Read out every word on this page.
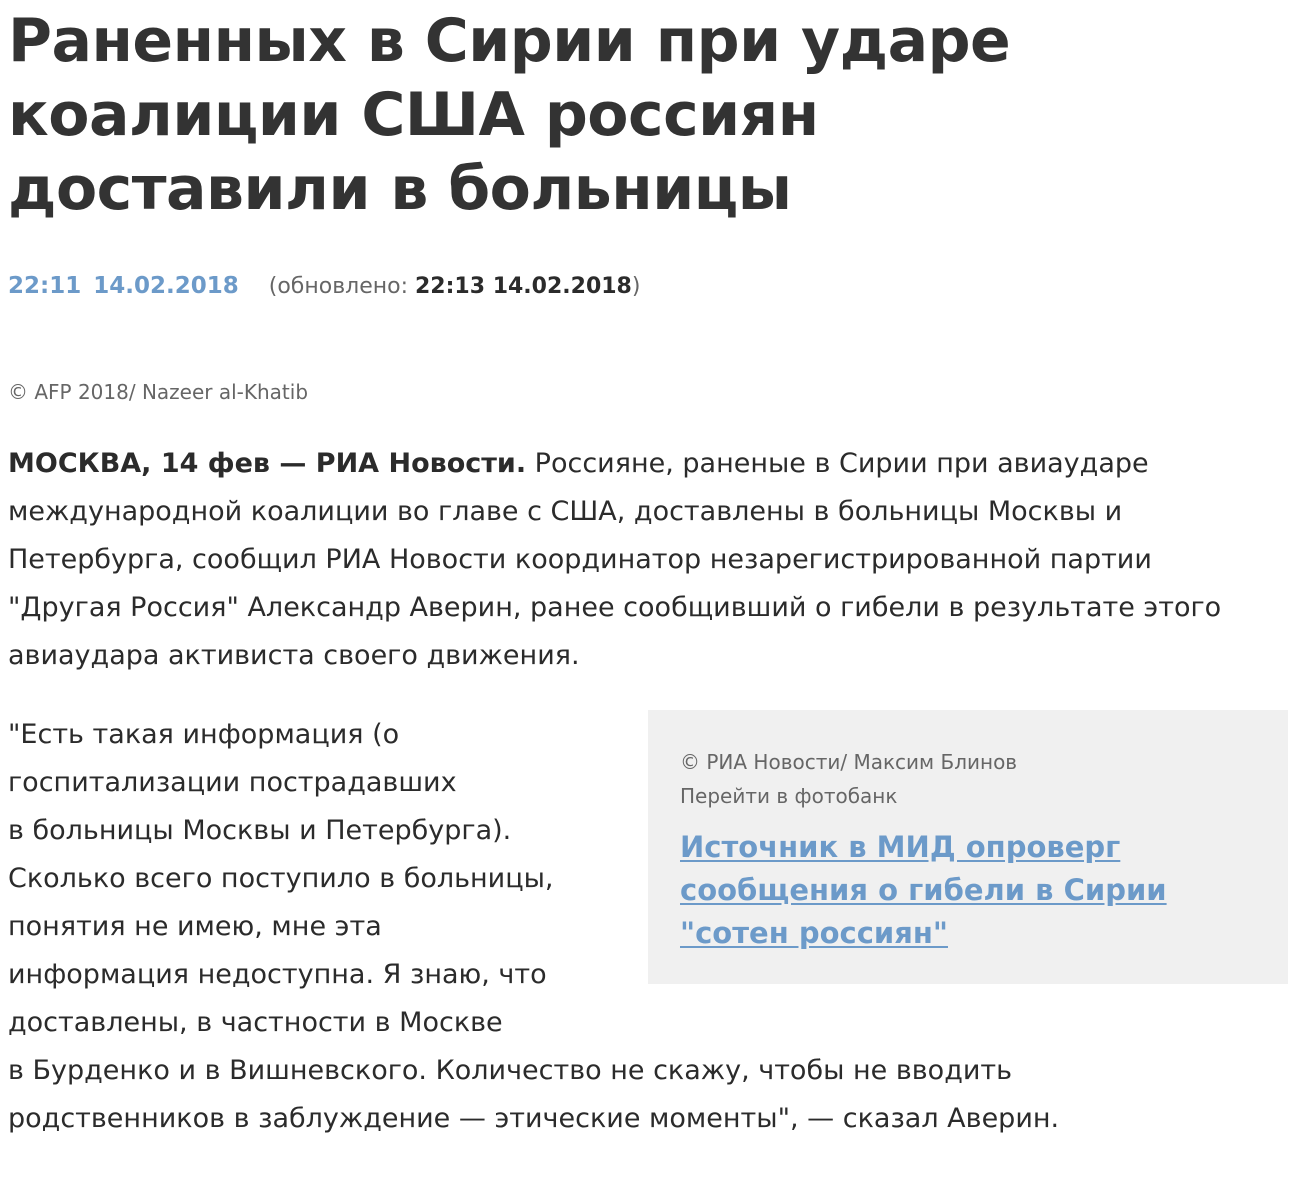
Раненных в Сирии при ударе коалиции США россиян доставили в больницы
22:11 14.02.2018 (обновлено: 22:13 14.02.2018)
© AFP 2018/ Nazeer al-Khatib

МОСКВА, 14 фев — РИА Новости. Россияне, раненые в Сирии при авиаударе международной коалиции во главе с США, доставлены в больницы Москвы и Петербурга, сообщил РИА Новости координатор незарегистрированной партии "Другая Россия" Александр Аверин, ранее сообщивший о гибели в результате этого авиаудара активиста своего движения.

"Есть такая информация (о
госпитализации пострадавших
в больницы Москвы и Петербурга).
Сколько всего поступило в больницы,
понятия не имею, мне эта
информация недоступна. Я знаю, что
доставлены, в частности в Москве
в Бурденко и в Вишневского. Количество не скажу, чтобы не вводить
родственников в заблуждение — этические моменты", — сказал Аверин.

© РИА Новости/ Максим Блинов
Перейти в фотобанк
Источник в МИД опроверг сообщения о гибели в Сирии "сотен россиян"
